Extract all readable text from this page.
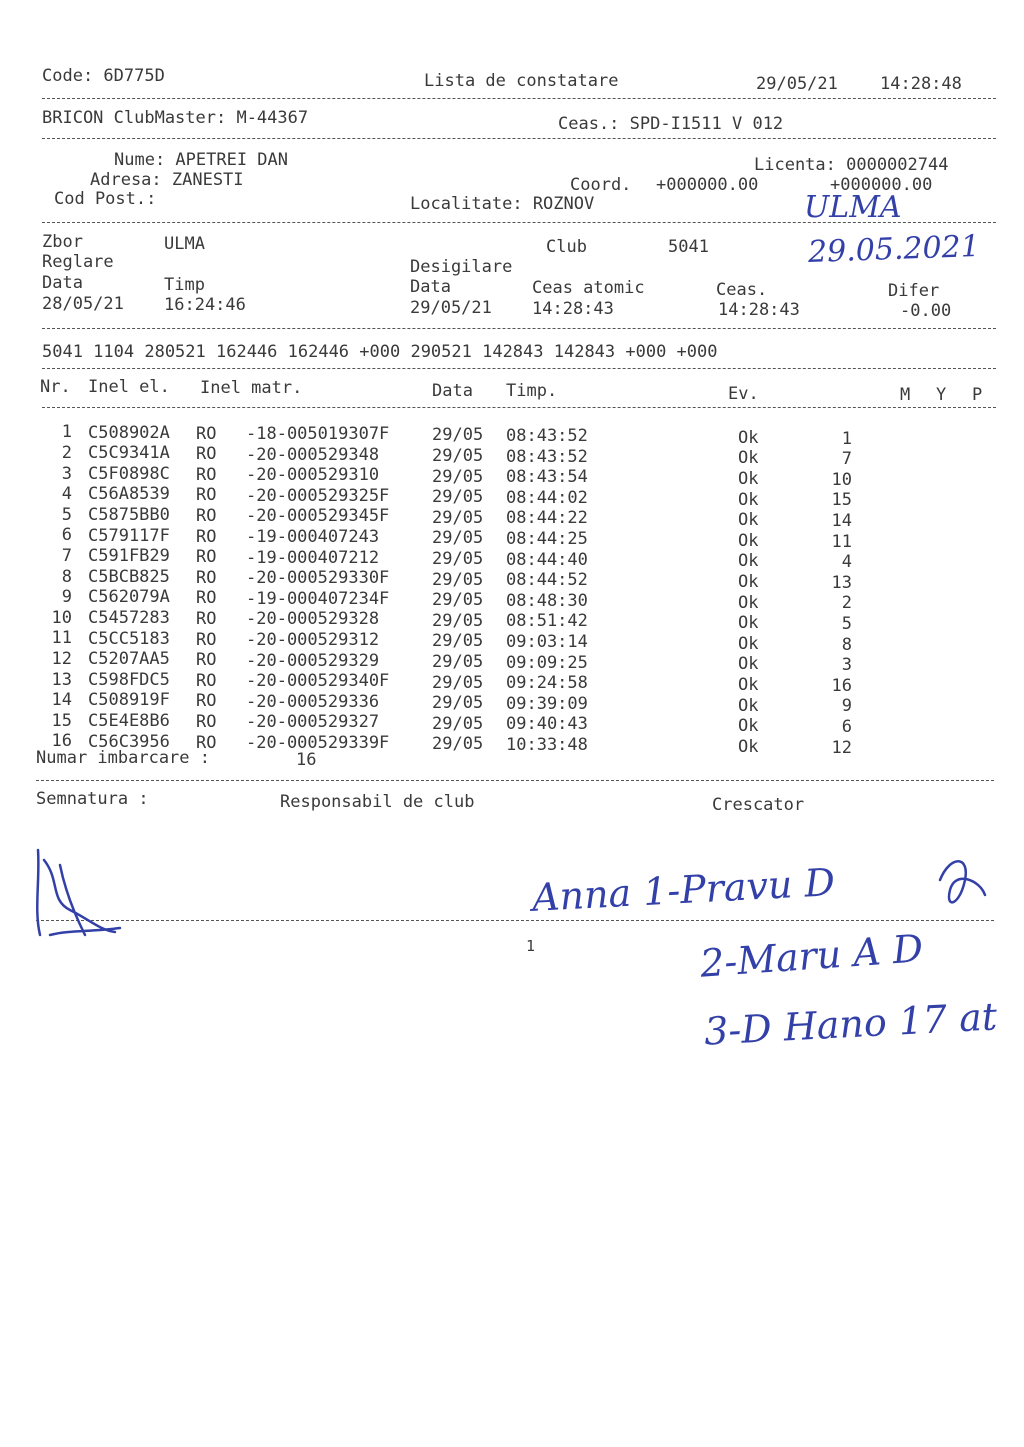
Code: 6D775D	Lista de constatare	29/05/21 14:28:48
BRICON ClubMaster: M-44367	Ceas.: SPD-I1511 V 012
Nume: APETREI DAN
Adresa: ZANESTI
Cod Post.:
Licenta: 0000002744
Coord. +000000.00	+000000.00
Localitate: ROZNOV	ULMA
29.05.2021
Zbor	ULMA	Club	5041
Reglare	Desigilare
Data	Timp	Data	Ceas atomic	Ceas.	Difer
28/05/21 16:24:46	29/05/21 14:28:43	14:28:43	-0.00
5041 1104 280521 162446 162446 +000 290521 142843 142843 +000 +000
Nr. Inel el. Inel matr.	Data Timp.	Ev.	M Y P
1 C508902A RO -18-005019307F	29/05 08:43:52	Ok	1
2 C5C9341A RO -20-000529348	29/05 08:43:52	Ok	7
3 C5F0898C RO -20-000529310	29/05 08:43:54	Ok	10
4 C56A8539 RO -20-000529325F	29/05 08:44:02	Ok	15
5 C5875BB0 RO -20-000529345F	29/05 08:44:22	Ok	14
6 C579117F RO -19-000407243	29/05 08:44:25	Ok	11
7 C591FB29 RO -19-000407212	29/05 08:44:40	Ok	4
8 C5BCB825 RO -20-000529330F	29/05 08:44:52	Ok	13
9 C562079A RO -19-000407234F	29/05 08:48:30	Ok	2
10 C5457283 RO -20-000529328	29/05 08:51:42	Ok	5
11 C5CC5183 RO -20-000529312	29/05 09:03:14	Ok	8
12 C5207AA5 RO -20-000529329	29/05 09:09:25	Ok	3
13 C598FDC5 RO -20-000529340F	29/05 09:24:58	Ok	16
14 C508919F RO -20-000529336	29/05 09:39:09	Ok	9
15 C5E4E8B6 RO -20-000529327	29/05 09:40:43	Ok	6
16 C56C3956 RO -20-000529339F	29/05 10:33:48	Ok	12
Numar imbarcare :	16
Semnatura :	Responsabil de club	Crescator
1
Anna 1-Pravu D
2-Maru A D
3-D Hano 17 at
